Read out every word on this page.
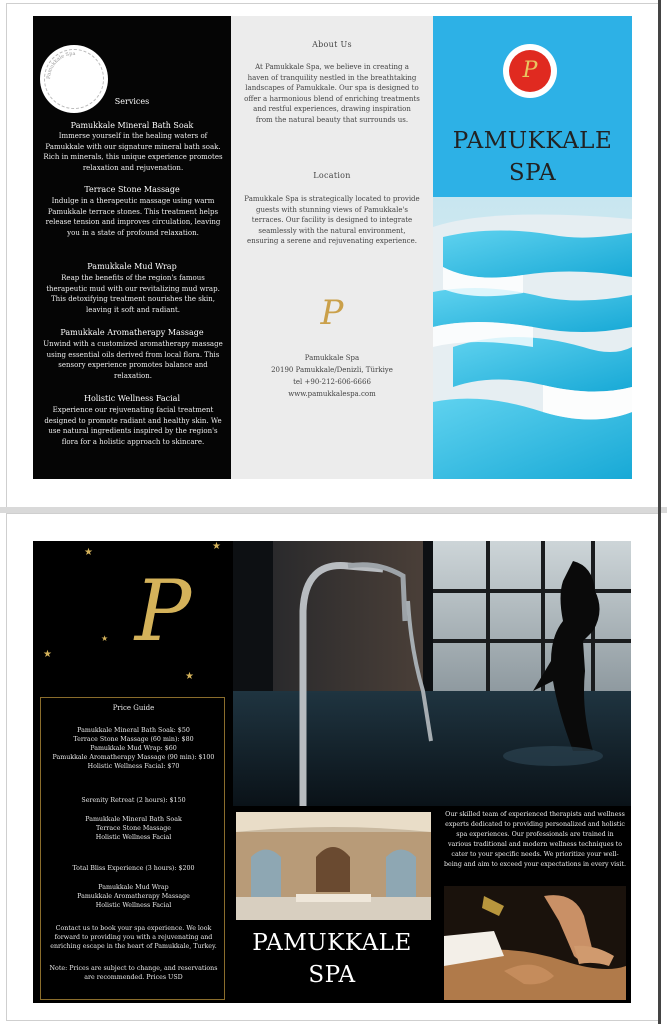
Pamukkale Spa
Services
Pamukkale Mineral Bath Soak
Immerse yourself in the healing waters of Pamukkale with our signature mineral bath soak. Rich in minerals, this unique experience promotes relaxation and rejuvenation.
Terrace Stone Massage
Indulge in a therapeutic massage using warm Pamukkale terrace stones. This treatment helps release tension and improves circulation, leaving you in a state of profound relaxation.
Pamukkale Mud Wrap
Reap the benefits of the region's famous therapeutic mud with our revitalizing mud wrap. This detoxifying treatment nourishes the skin, leaving it soft and radiant.
Pamukkale Aromatherapy Massage
Unwind with a customized aromatherapy massage using essential oils derived from local flora. This sensory experience promotes balance and relaxation.
Holistic Wellness Facial
Experience our rejuvenating facial treatment designed to promote radiant and healthy skin. We use natural ingredients inspired by the region's flora for a holistic approach to skincare.
About Us
At Pamukkale Spa, we believe in creating a haven of tranquility nestled in the breathtaking landscapes of Pamukkale. Our spa is designed to offer a harmonious blend of enriching treatments and restful experiences, drawing inspiration from the natural beauty that surrounds us.
Location
Pamukkale Spa is strategically located to provide guests with stunning views of Pamukkale's terraces. Our facility is designed to integrate seamlessly with the natural environment, ensuring a serene and rejuvenating experience.
P
Pamukkale Spa
20190 Pamukkale/Denizli, Türkiye
tel +90-212-606-6666
www.pamukkalespa.com
P
PAMUKKALE
SPA
★
★
★
★
★
P
Price Guide
Pamukkale Mineral Bath Soak: $50
Terrace Stone Massage (60 min): $80
Pamukkale Mud Wrap: $60
Pamukkale Aromatherapy Massage (90 min): $100
Holistic Wellness Facial: $70
Serenity Retreat (2 hours): $150
Pamukkale Mineral Bath Soak
Terrace Stone Massage
Holistic Wellness Facial
Total Bliss Experience (3 hours): $200
Pamukkale Mud Wrap
Pamukkale Aromatherapy Massage
Holistic Wellness Facial
Contact us to book your spa experience. We look forward to providing you with a rejuvenating and enriching escape in the heart of Pamukkale, Turkey.
Note: Prices are subject to change, and reservations are recommended. Prices USD
PAMUKKALE
SPA
Our skilled team of experienced therapists and wellness experts dedicated to providing personalized and holistic spa experiences. Our professionals are trained in various traditional and modern wellness techniques to cater to your specific needs. We prioritize your well-being and aim to exceed your expectations in every visit.
